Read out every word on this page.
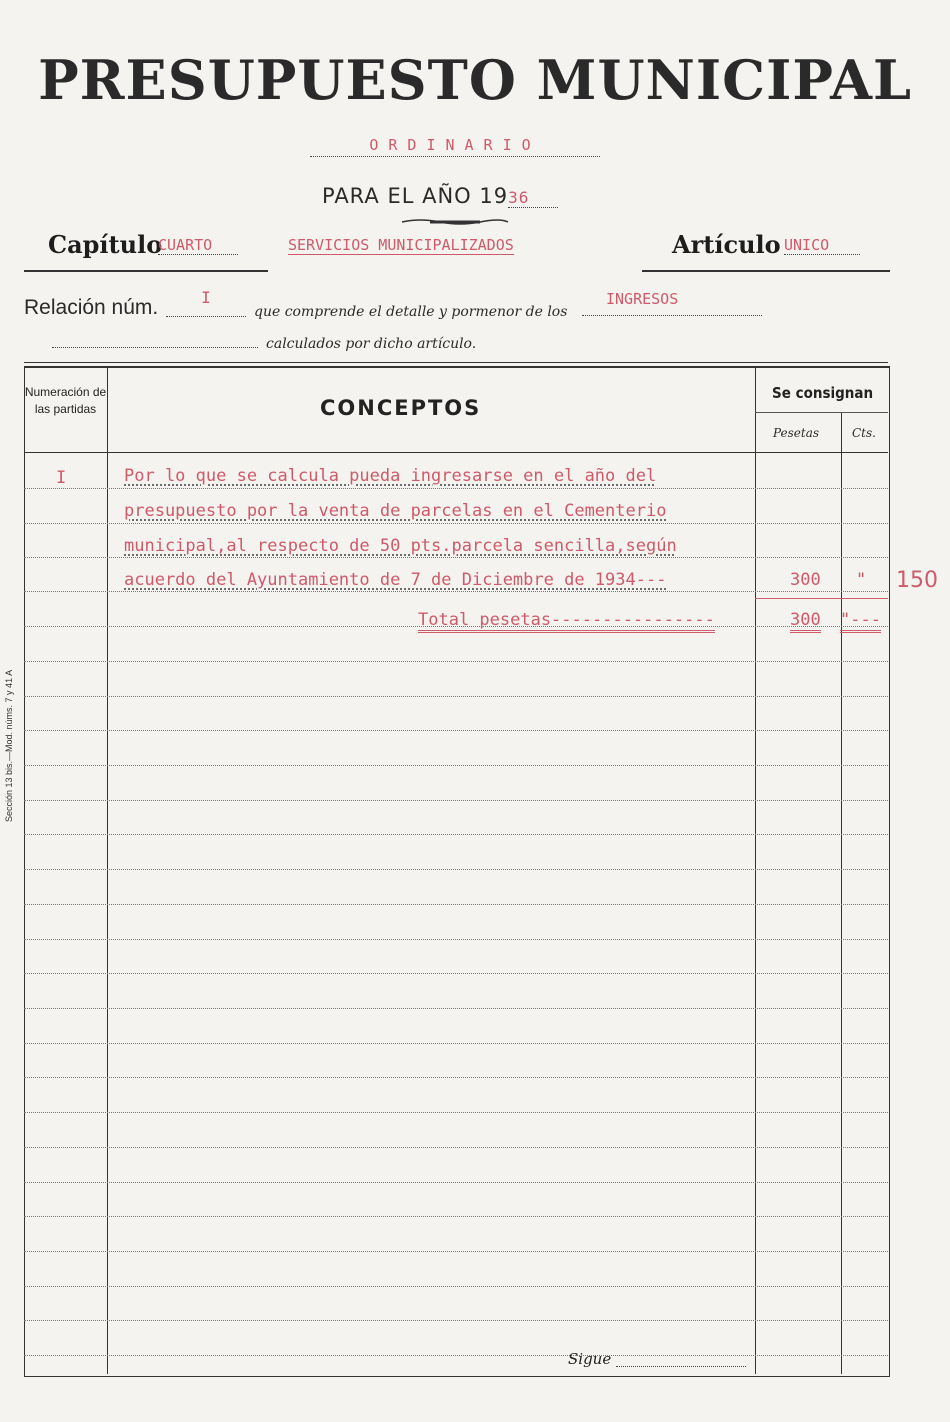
PRESUPUESTO MUNICIPAL
ORDINARIO
PARA EL AÑO 1936
Capítulo
CUARTO	SERVICIOS MUNICIPALIZADOS	Artículo UNICO
Relación núm.	I
que comprende el detalle y pormenor de los
INGRESOS
calculados por dicho artículo.
Numeración de las partidas	CONCEPTOS
Se consignan
Pesetas	Cts.
I	Por lo que se calcula pueda ingresarse en el año del
presupuesto por la venta de parcelas en el Cementerio
municipal,al respecto de 50 pts.parcela sencilla,según
acuerdo del Ayuntamiento de 7 de Diciembre de 1934---	300 "
Total pesetas----------------	300 "---
150
Sección 13 bis.—Mod. núms. 7 y 41 A
Sigue
